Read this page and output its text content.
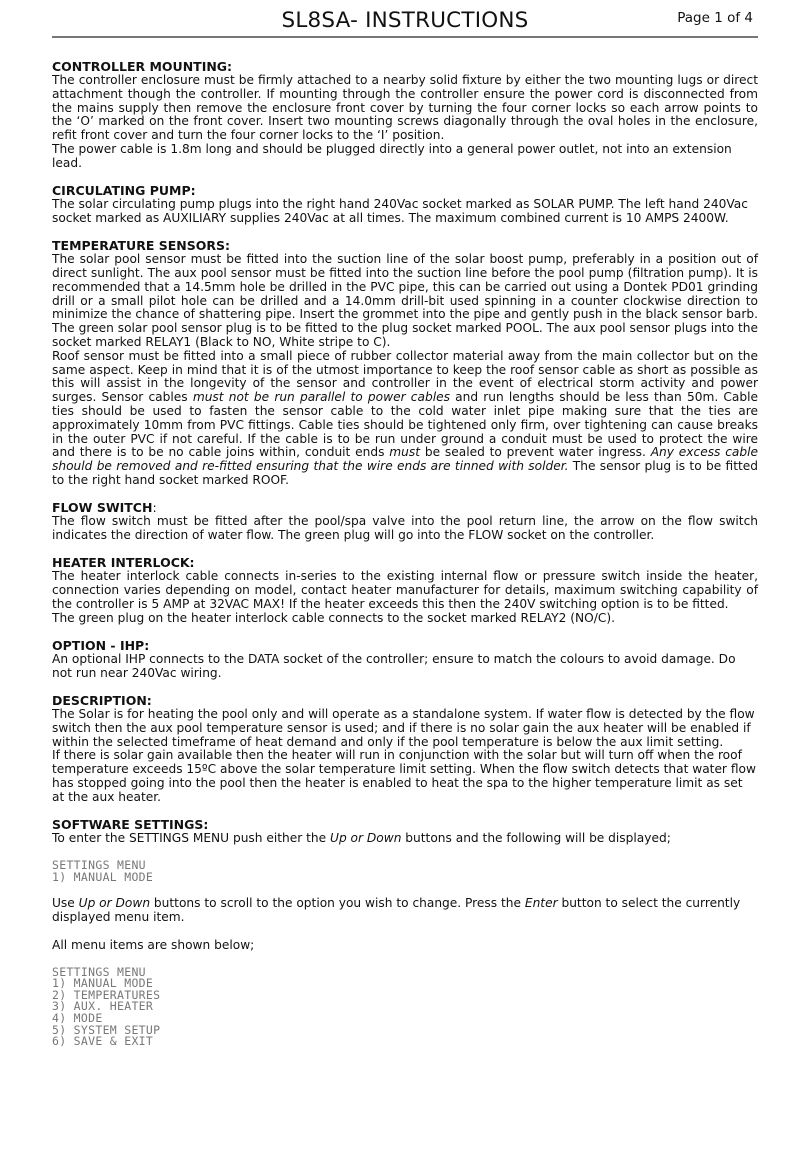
SL8SA- INSTRUCTIONS	Page 1 of 4
CONTROLLER MOUNTING:

The controller enclosure must be firmly attached to a nearby solid fixture by either the two mounting lugs or direct attachment though the controller. If mounting through the controller ensure the power cord is disconnected from the mains supply then remove the enclosure front cover by turning the four corner locks so each arrow points to the ‘O’ marked on the front cover. Insert two mounting screws diagonally through the oval holes in the enclosure, refit front cover and turn the four corner locks to the ‘I’ position.

The power cable is 1.8m long and should be plugged directly into a general power outlet, not into an extension lead.

CIRCULATING PUMP:

The solar circulating pump plugs into the right hand 240Vac socket marked as SOLAR PUMP. The left hand 240Vac socket marked as AUXILIARY supplies 240Vac at all times. The maximum combined current is 10 AMPS 2400W.

TEMPERATURE SENSORS:

The solar pool sensor must be fitted into the suction line of the solar boost pump, preferably in a position out of direct sunlight. The aux pool sensor must be fitted into the suction line before the pool pump (filtration pump). It is recommended that a 14.5mm hole be drilled in the PVC pipe, this can be carried out using a Dontek PD01 grinding drill or a small pilot hole can be drilled and a 14.0mm drill-bit used spinning in a counter clockwise direction to minimize the chance of shattering pipe. Insert the grommet into the pipe and gently push in the black sensor barb. The green solar pool sensor plug is to be fitted to the plug socket marked POOL. The aux pool sensor plugs into the socket marked RELAY1 (Black to NO, White stripe to C).

Roof sensor must be fitted into a small piece of rubber collector material away from the main collector but on the same aspect. Keep in mind that it is of the utmost importance to keep the roof sensor cable as short as possible as this will assist in the longevity of the sensor and controller in the event of electrical storm activity and power surges. Sensor cables must not be run parallel to power cables and run lengths should be less than 50m. Cable ties should be used to fasten the sensor cable to the cold water inlet pipe making sure that the ties are approximately 10mm from PVC fittings. Cable ties should be tightened only firm, over tightening can cause breaks in the outer PVC if not careful. If the cable is to be run under ground a conduit must be used to protect the wire and there is to be no cable joins within, conduit ends must be sealed to prevent water ingress. Any excess cable should be removed and re-fitted ensuring that the wire ends are tinned with solder. The sensor plug is to be fitted to the right hand socket marked ROOF.

FLOW SWITCH:

The flow switch must be fitted after the pool/spa valve into the pool return line, the arrow on the flow switch indicates the direction of water flow. The green plug will go into the FLOW socket on the controller.

HEATER INTERLOCK:

The heater interlock cable connects in-series to the existing internal flow or pressure switch inside the heater, connection varies depending on model, contact heater manufacturer for details, maximum switching capability of the controller is 5 AMP at 32VAC MAX! If the heater exceeds this then the 240V switching option is to be fitted.

The green plug on the heater interlock cable connects to the socket marked RELAY2 (NO/C).

OPTION - IHP:

An optional IHP connects to the DATA socket of the controller; ensure to match the colours to avoid damage. Do not run near 240Vac wiring.

DESCRIPTION:

The Solar is for heating the pool only and will operate as a standalone system. If water flow is detected by the flow switch then the aux pool temperature sensor is used; and if there is no solar gain the aux heater will be enabled if within the selected timeframe of heat demand and only if the pool temperature is below the aux limit setting.

If there is solar gain available then the heater will run in conjunction with the solar but will turn off when the roof temperature exceeds 15ºC above the solar temperature limit setting. When the flow switch detects that water flow has stopped going into the pool then the heater is enabled to heat the spa to the higher temperature limit as set at the aux heater.

SOFTWARE SETTINGS:

To enter the SETTINGS MENU push either the Up or Down buttons and the following will be displayed;

SETTINGS MENU
1) MANUAL MODE

Use Up or Down buttons to scroll to the option you wish to change. Press the Enter button to select the currently displayed menu item.

All menu items are shown below;

SETTINGS MENU
1) MANUAL MODE
2) TEMPERATURES
3) AUX. HEATER
4) MODE
5) SYSTEM SETUP
6) SAVE & EXIT
